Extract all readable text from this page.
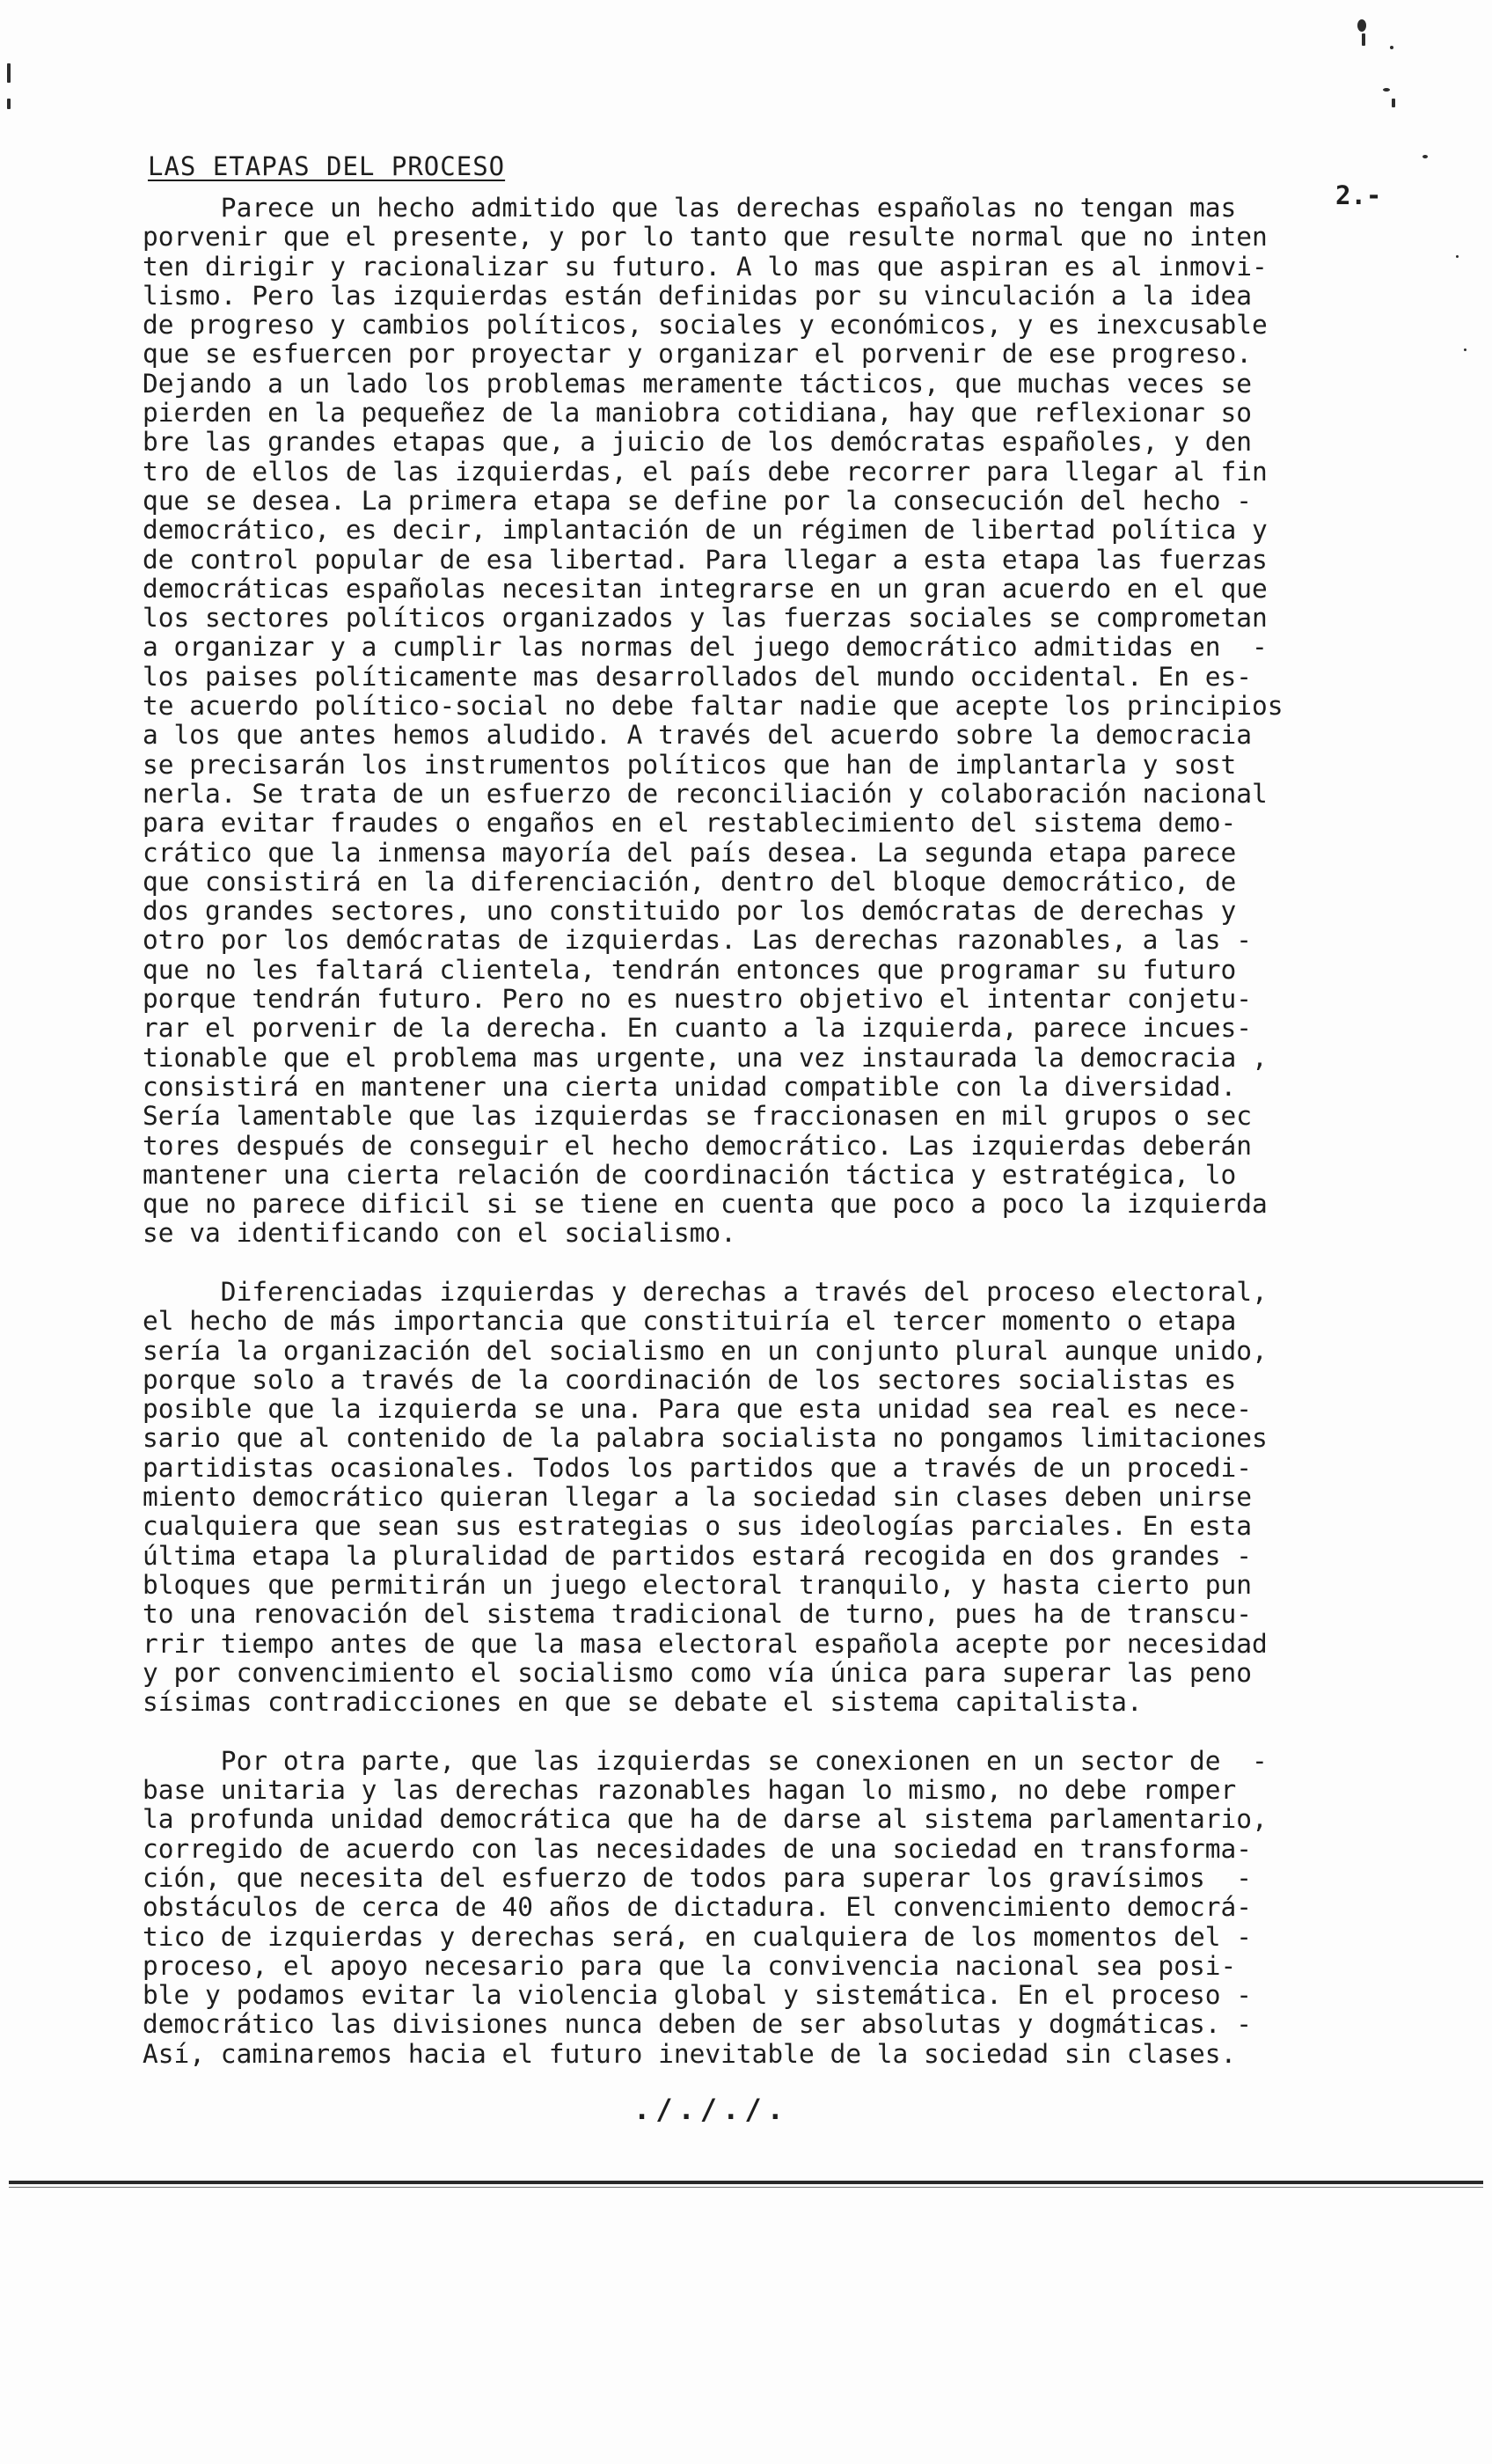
LAS ETAPAS DEL PROCESO
2.-
Parece un hecho admitido que las derechas españolas no tengan mas
porvenir que el presente, y por lo tanto que resulte normal que no inten
ten dirigir y racionalizar su futuro. A lo mas que aspiran es al inmovi-
lismo. Pero las izquierdas están definidas por su vinculación a la idea
de progreso y cambios políticos, sociales y económicos, y es inexcusable
que se esfuercen por proyectar y organizar el porvenir de ese progreso.
Dejando a un lado los problemas meramente tácticos, que muchas veces se
pierden en la pequeñez de la maniobra cotidiana, hay que reflexionar so
bre las grandes etapas que, a juicio de los demócratas españoles, y den
tro de ellos de las izquierdas, el país debe recorrer para llegar al fin
que se desea. La primera etapa se define por la consecución del hecho -
democrático, es decir, implantación de un régimen de libertad política y
de control popular de esa libertad. Para llegar a esta etapa las fuerzas
democráticas españolas necesitan integrarse en un gran acuerdo en el que
los sectores políticos organizados y las fuerzas sociales se comprometan
a organizar y a cumplir las normas del juego democrático admitidas en  -
los paises políticamente mas desarrollados del mundo occidental. En es-
te acuerdo político-social no debe faltar nadie que acepte los principios
a los que antes hemos aludido. A través del acuerdo sobre la democracia
se precisarán los instrumentos políticos que han de implantarla y sost
nerla. Se trata de un esfuerzo de reconciliación y colaboración nacional
para evitar fraudes o engaños en el restablecimiento del sistema demo-
crático que la inmensa mayoría del país desea. La segunda etapa parece
que consistirá en la diferenciación, dentro del bloque democrático, de
dos grandes sectores, uno constituido por los demócratas de derechas y
otro por los demócratas de izquierdas. Las derechas razonables, a las -
que no les faltará clientela, tendrán entonces que programar su futuro
porque tendrán futuro. Pero no es nuestro objetivo el intentar conjetu-
rar el porvenir de la derecha. En cuanto a la izquierda, parece incues-
tionable que el problema mas urgente, una vez instaurada la democracia ,
consistirá en mantener una cierta unidad compatible con la diversidad.
Sería lamentable que las izquierdas se fraccionasen en mil grupos o sec
tores después de conseguir el hecho democrático. Las izquierdas deberán
mantener una cierta relación de coordinación táctica y estratégica, lo
que no parece dificil si se tiene en cuenta que poco a poco la izquierda
se va identificando con el socialismo.
Diferenciadas izquierdas y derechas a través del proceso electoral,
el hecho de más importancia que constituiría el tercer momento o etapa
sería la organización del socialismo en un conjunto plural aunque unido,
porque solo a través de la coordinación de los sectores socialistas es
posible que la izquierda se una. Para que esta unidad sea real es nece-
sario que al contenido de la palabra socialista no pongamos limitaciones
partidistas ocasionales. Todos los partidos que a través de un procedi-
miento democrático quieran llegar a la sociedad sin clases deben unirse
cualquiera que sean sus estrategias o sus ideologías parciales. En esta
última etapa la pluralidad de partidos estará recogida en dos grandes -
bloques que permitirán un juego electoral tranquilo, y hasta cierto pun
to una renovación del sistema tradicional de turno, pues ha de transcu-
rrir tiempo antes de que la masa electoral española acepte por necesidad
y por convencimiento el socialismo como vía única para superar las peno
sísimas contradicciones en que se debate el sistema capitalista.
Por otra parte, que las izquierdas se conexionen en un sector de  -
base unitaria y las derechas razonables hagan lo mismo, no debe romper
la profunda unidad democrática que ha de darse al sistema parlamentario,
corregido de acuerdo con las necesidades de una sociedad en transforma-
ción, que necesita del esfuerzo de todos para superar los gravísimos  -
obstáculos de cerca de 40 años de dictadura. El convencimiento democrá-
tico de izquierdas y derechas será, en cualquiera de los momentos del -
proceso, el apoyo necesario para que la convivencia nacional sea posi-
ble y podamos evitar la violencia global y sistemática. En el proceso -
democrático las divisiones nunca deben de ser absolutas y dogmáticas. -
Así, caminaremos hacia el futuro inevitable de la sociedad sin clases.
./././.
